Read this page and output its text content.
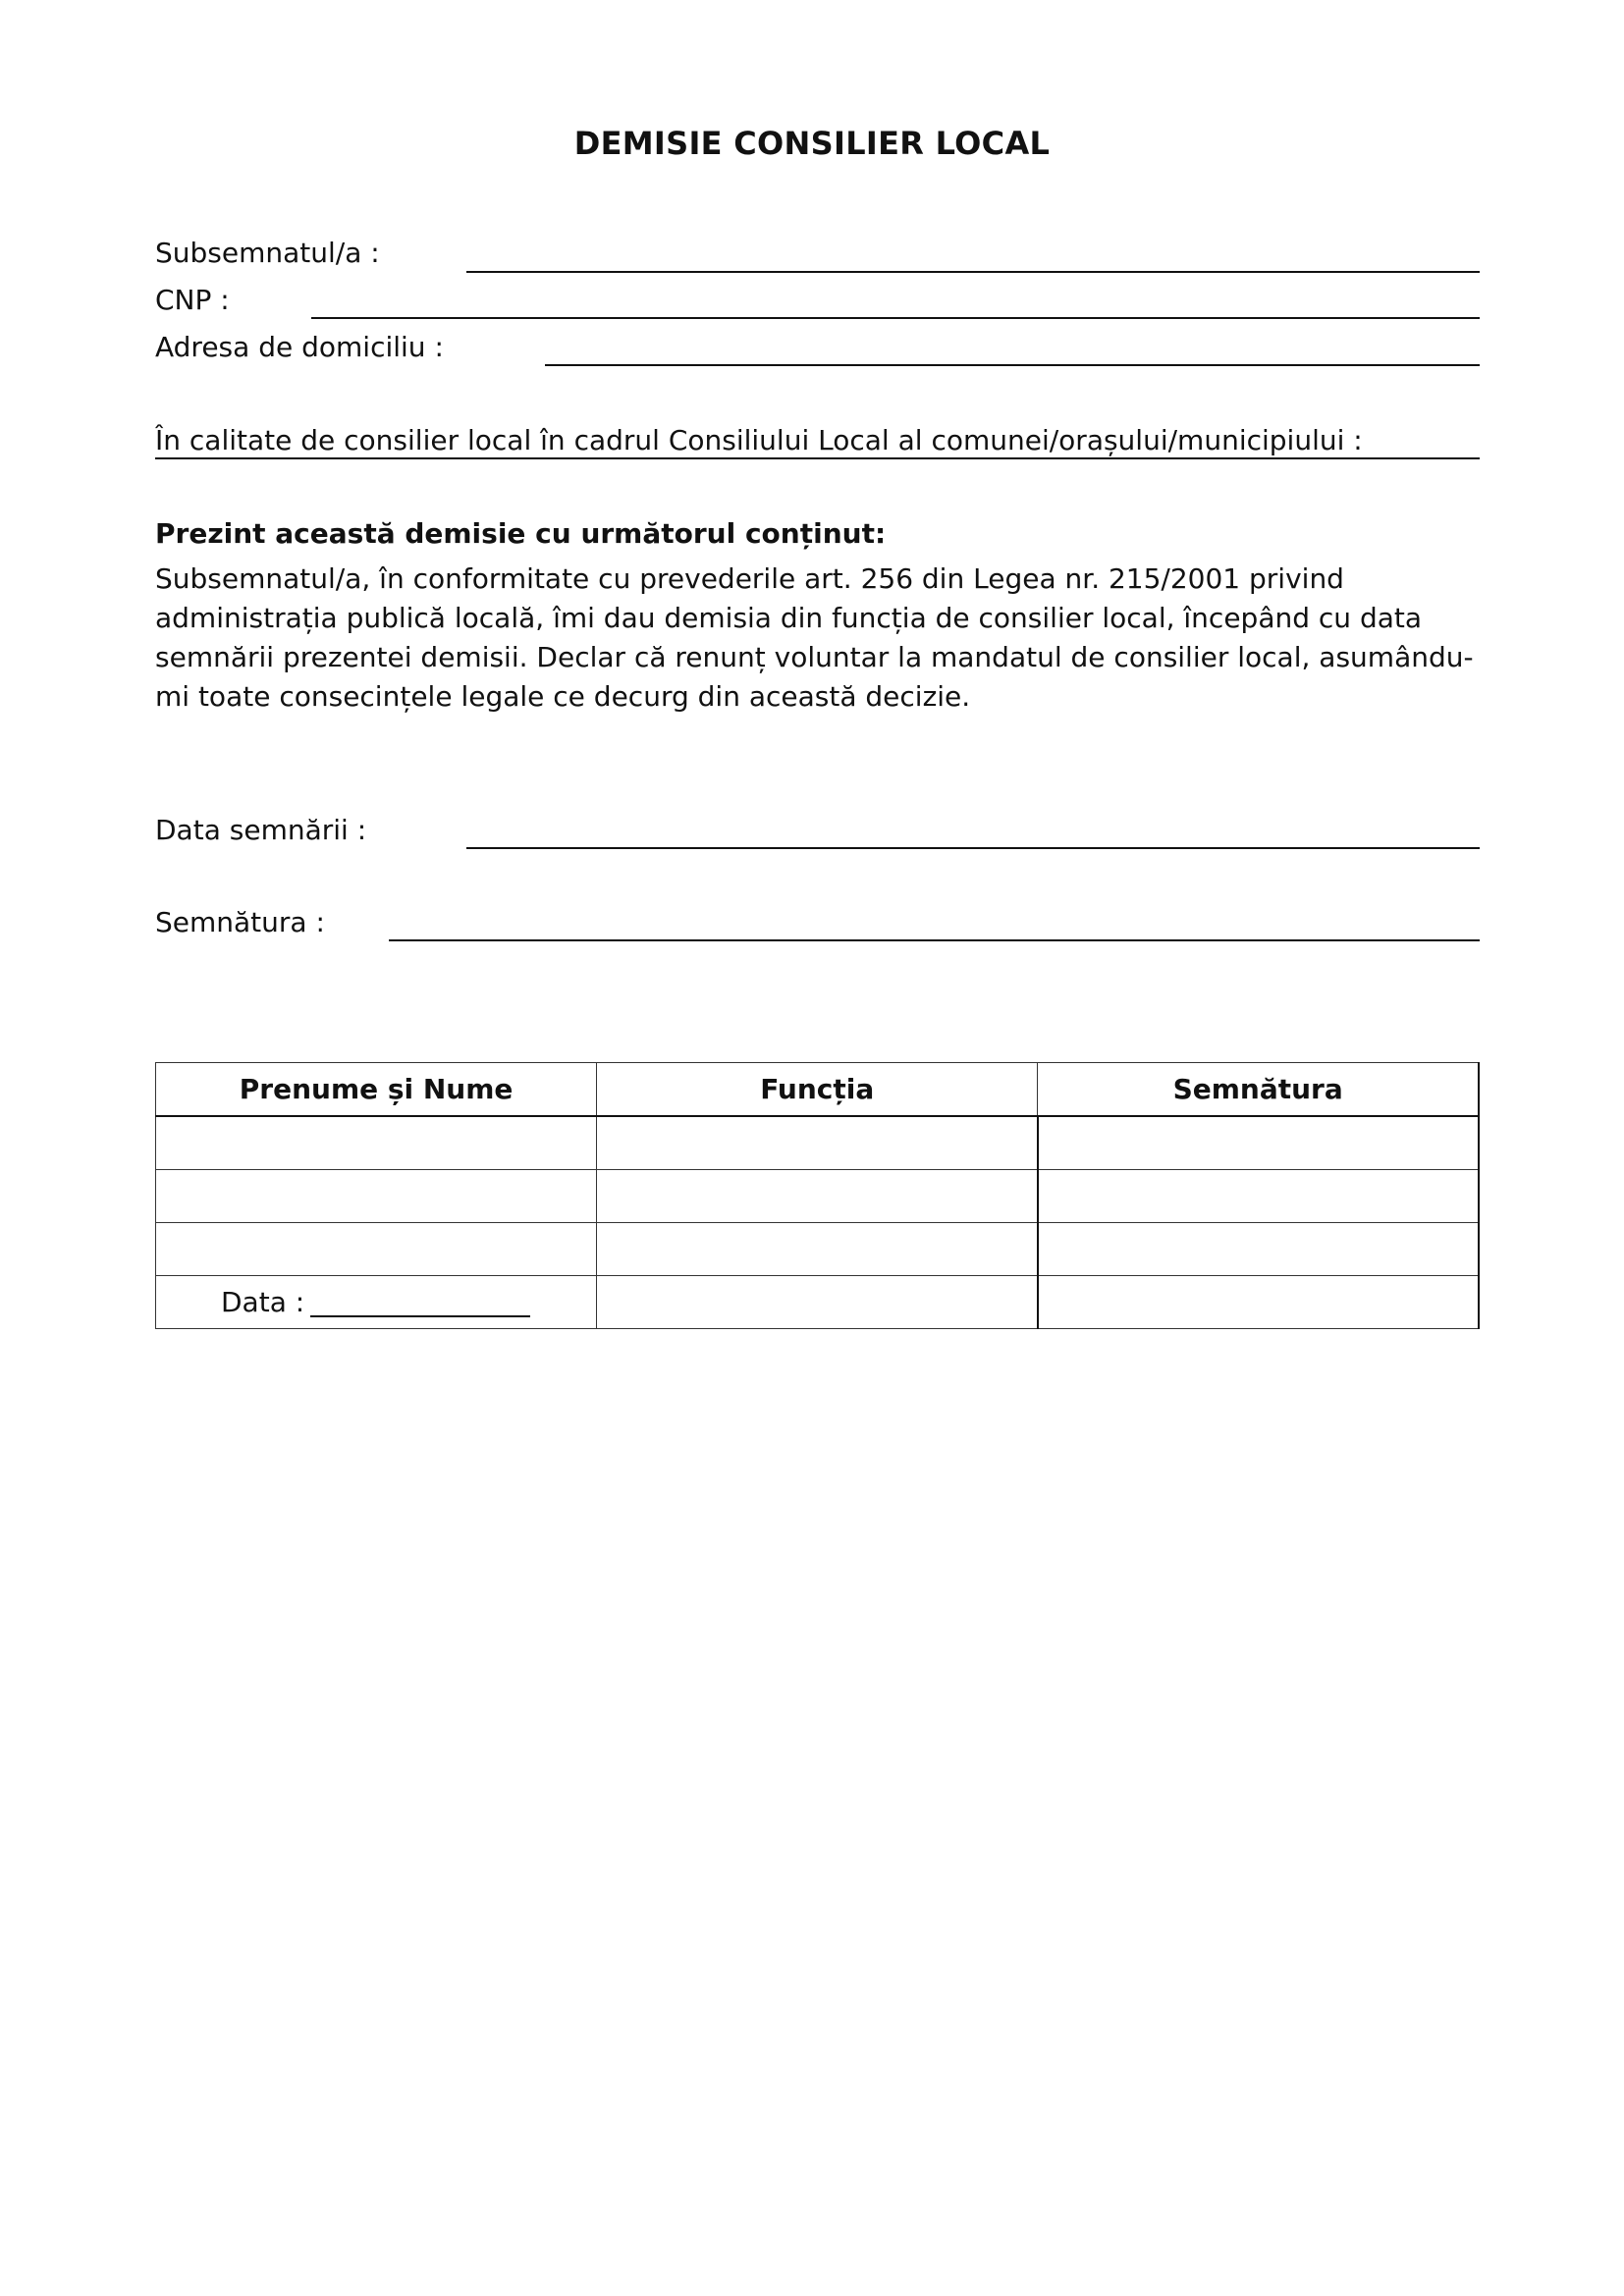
DEMISIE CONSILIER LOCAL
Subsemnatul/a :
CNP :
Adresa de domiciliu :
În calitate de consilier local în cadrul Consiliului Local al comunei/orașului/municipiului :
Prezint această demisie cu următorul conținut:
Subsemnatul/a, în conformitate cu prevederile art. 256 din Legea nr. 215/2001 privind administrația publică locală, îmi dau demisia din funcția de consilier local, începând cu data semnării prezentei demisii. Declar că renunț voluntar la mandatul de consilier local, asumându-mi toate consecințele legale ce decurg din această decizie.
Data semnării :
Semnătura :
Prenume și Nume	Funcția	Semnătura

Data :		
